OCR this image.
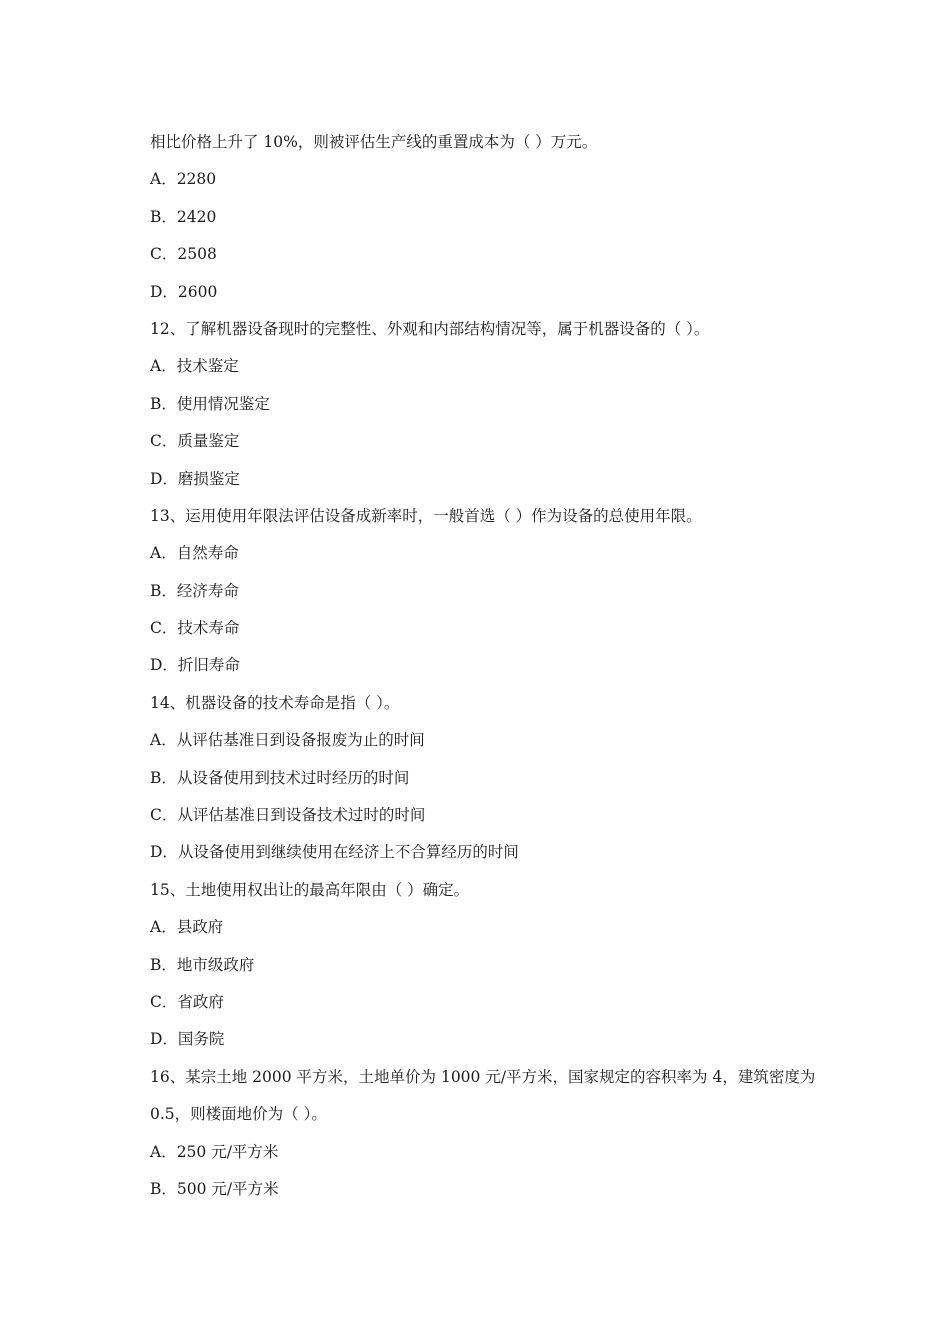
相比价格上升了 10%，则被评估生产线的重置成本为（ ）万元。
A．2280
B．2420
C．2508
D．2600
12、了解机器设备现时的完整性、外观和内部结构情况等，属于机器设备的（ ）。
A．技术鉴定
B．使用情况鉴定
C．质量鉴定
D．磨损鉴定
13、运用使用年限法评估设备成新率时，一般首选（ ）作为设备的总使用年限。
A．自然寿命
B．经济寿命
C．技术寿命
D．折旧寿命
14、机器设备的技术寿命是指（ ）。
A．从评估基准日到设备报废为止的时间
B．从设备使用到技术过时经历的时间
C．从评估基准日到设备技术过时的时间
D．从设备使用到继续使用在经济上不合算经历的时间
15、土地使用权出让的最高年限由（ ）确定。
A．县政府
B．地市级政府
C．省政府
D．国务院
16、某宗土地 2000 平方米，土地单价为 1000 元/平方米，国家规定的容积率为 4，建筑密度为
0.5，则楼面地价为（ ）。
A．250 元/平方米
B．500 元/平方米
